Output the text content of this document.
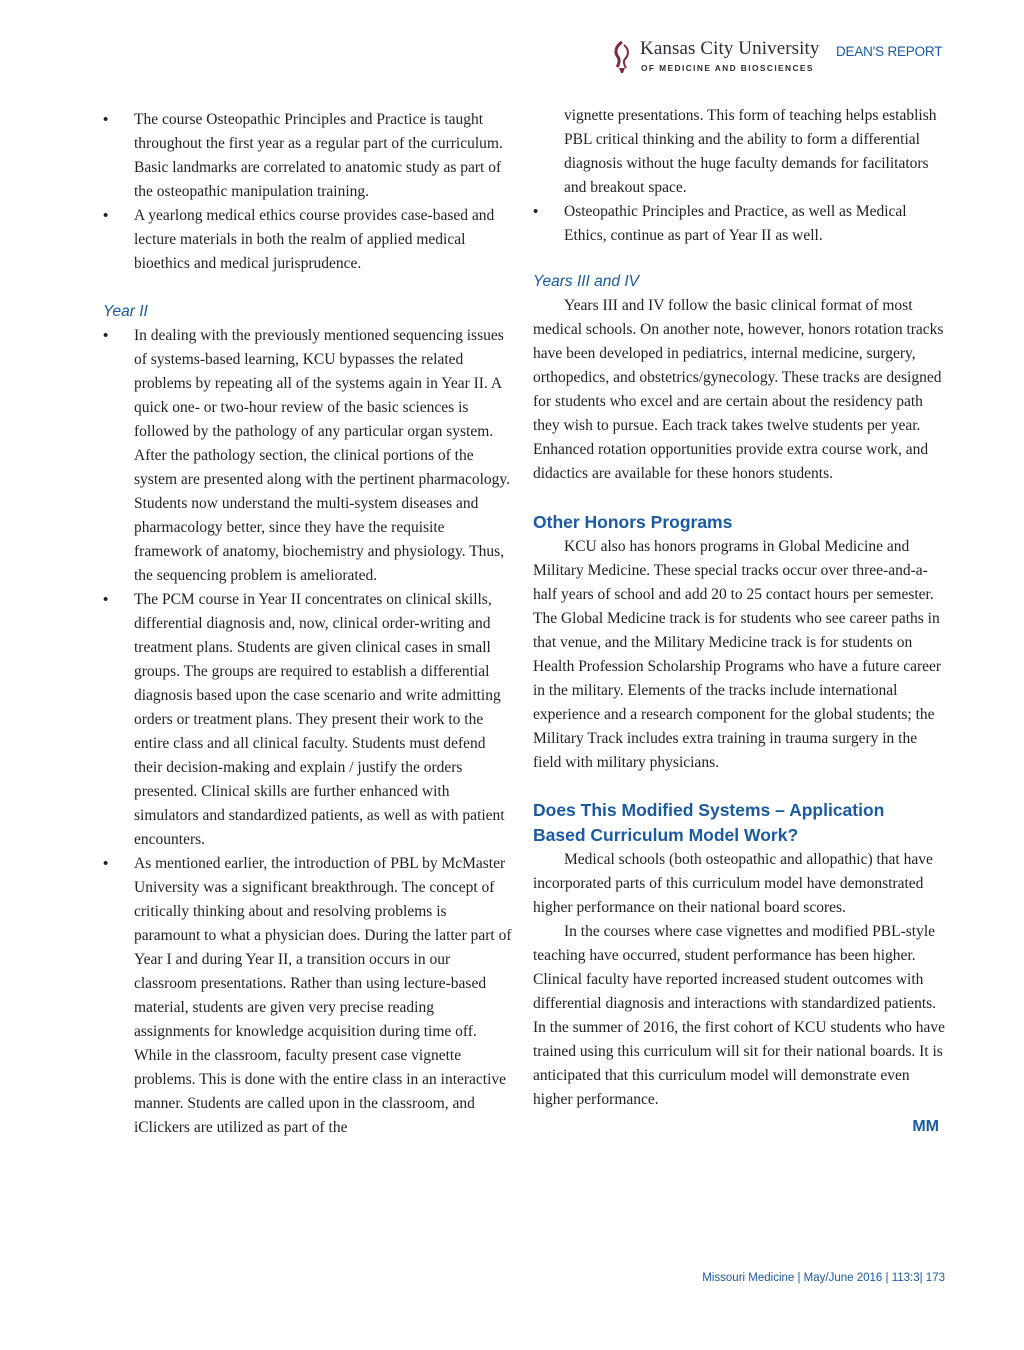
Kansas City University
OF MEDICINE AND BIOSCIENCES
DEAN'S REPORT
• The course Osteopathic Principles and Practice is taught throughout the first year as a regular part of the curriculum. Basic landmarks are correlated to anatomic study as part of the osteopathic manipulation training.
• A yearlong medical ethics course provides case-based and lecture materials in both the realm of applied medical bioethics and medical jurisprudence.
Year II
• In dealing with the previously mentioned sequencing issues of systems-based learning, KCU bypasses the related problems by repeating all of the systems again in Year II. A quick one- or two-hour review of the basic sciences is followed by the pathology of any particular organ system. After the pathology section, the clinical portions of the system are presented along with the pertinent pharmacology. Students now understand the multi-system diseases and pharmacology better, since they have the requisite framework of anatomy, biochemistry and physiology. Thus, the sequencing problem is ameliorated.
• The PCM course in Year II concentrates on clinical skills, differential diagnosis and, now, clinical order-writing and treatment plans. Students are given clinical cases in small groups. The groups are required to establish a differential diagnosis based upon the case scenario and write admitting orders or treatment plans. They present their work to the entire class and all clinical faculty. Students must defend their decision-making and explain / justify the orders presented. Clinical skills are further enhanced with simulators and standardized patients, as well as with patient encounters.
• As mentioned earlier, the introduction of PBL by McMaster University was a significant breakthrough. The concept of critically thinking about and resolving problems is paramount to what a physician does. During the latter part of Year I and during Year II, a transition occurs in our classroom presentations. Rather than using lecture-based material, students are given very precise reading assignments for knowledge acquisition during time off. While in the classroom, faculty present case vignette problems. This is done with the entire class in an interactive manner. Students are called upon in the classroom, and iClickers are utilized as part of the

vignette presentations. This form of teaching helps establish PBL critical thinking and the ability to form a differential diagnosis without the huge faculty demands for facilitators and breakout space.

• Osteopathic Principles and Practice, as well as Medical Ethics, continue as part of Year II as well.
Years III and IV

Years III and IV follow the basic clinical format of most medical schools. On another note, however, honors rotation tracks have been developed in pediatrics, internal medicine, surgery, orthopedics, and obstetrics/gynecology. These tracks are designed for students who excel and are certain about the residency path they wish to pursue. Each track takes twelve students per year. Enhanced rotation opportunities provide extra course work, and didactics are available for these honors students.

Other Honors Programs

KCU also has honors programs in Global Medicine and Military Medicine. These special tracks occur over three-and-a-half years of school and add 20 to 25 contact hours per semester. The Global Medicine track is for students who see career paths in that venue, and the Military Medicine track is for students on Health Profession Scholarship Programs who have a future career in the military. Elements of the tracks include international experience and a research component for the global students; the Military Track includes extra training in trauma surgery in the field with military physicians.

Does This Modified Systems – Application
Based Curriculum Model Work?

Medical schools (both osteopathic and allopathic) that have incorporated parts of this curriculum model have demonstrated higher performance on their national board scores.

In the courses where case vignettes and modified PBL-style teaching have occurred, student performance has been higher. Clinical faculty have reported increased student outcomes with differential diagnosis and interactions with standardized patients. In the summer of 2016, the first cohort of KCU students who have trained using this curriculum will sit for their national boards. It is anticipated that this curriculum model will demonstrate even higher performance.

MM
Missouri Medicine | May/June 2016 | 113:3| 173
